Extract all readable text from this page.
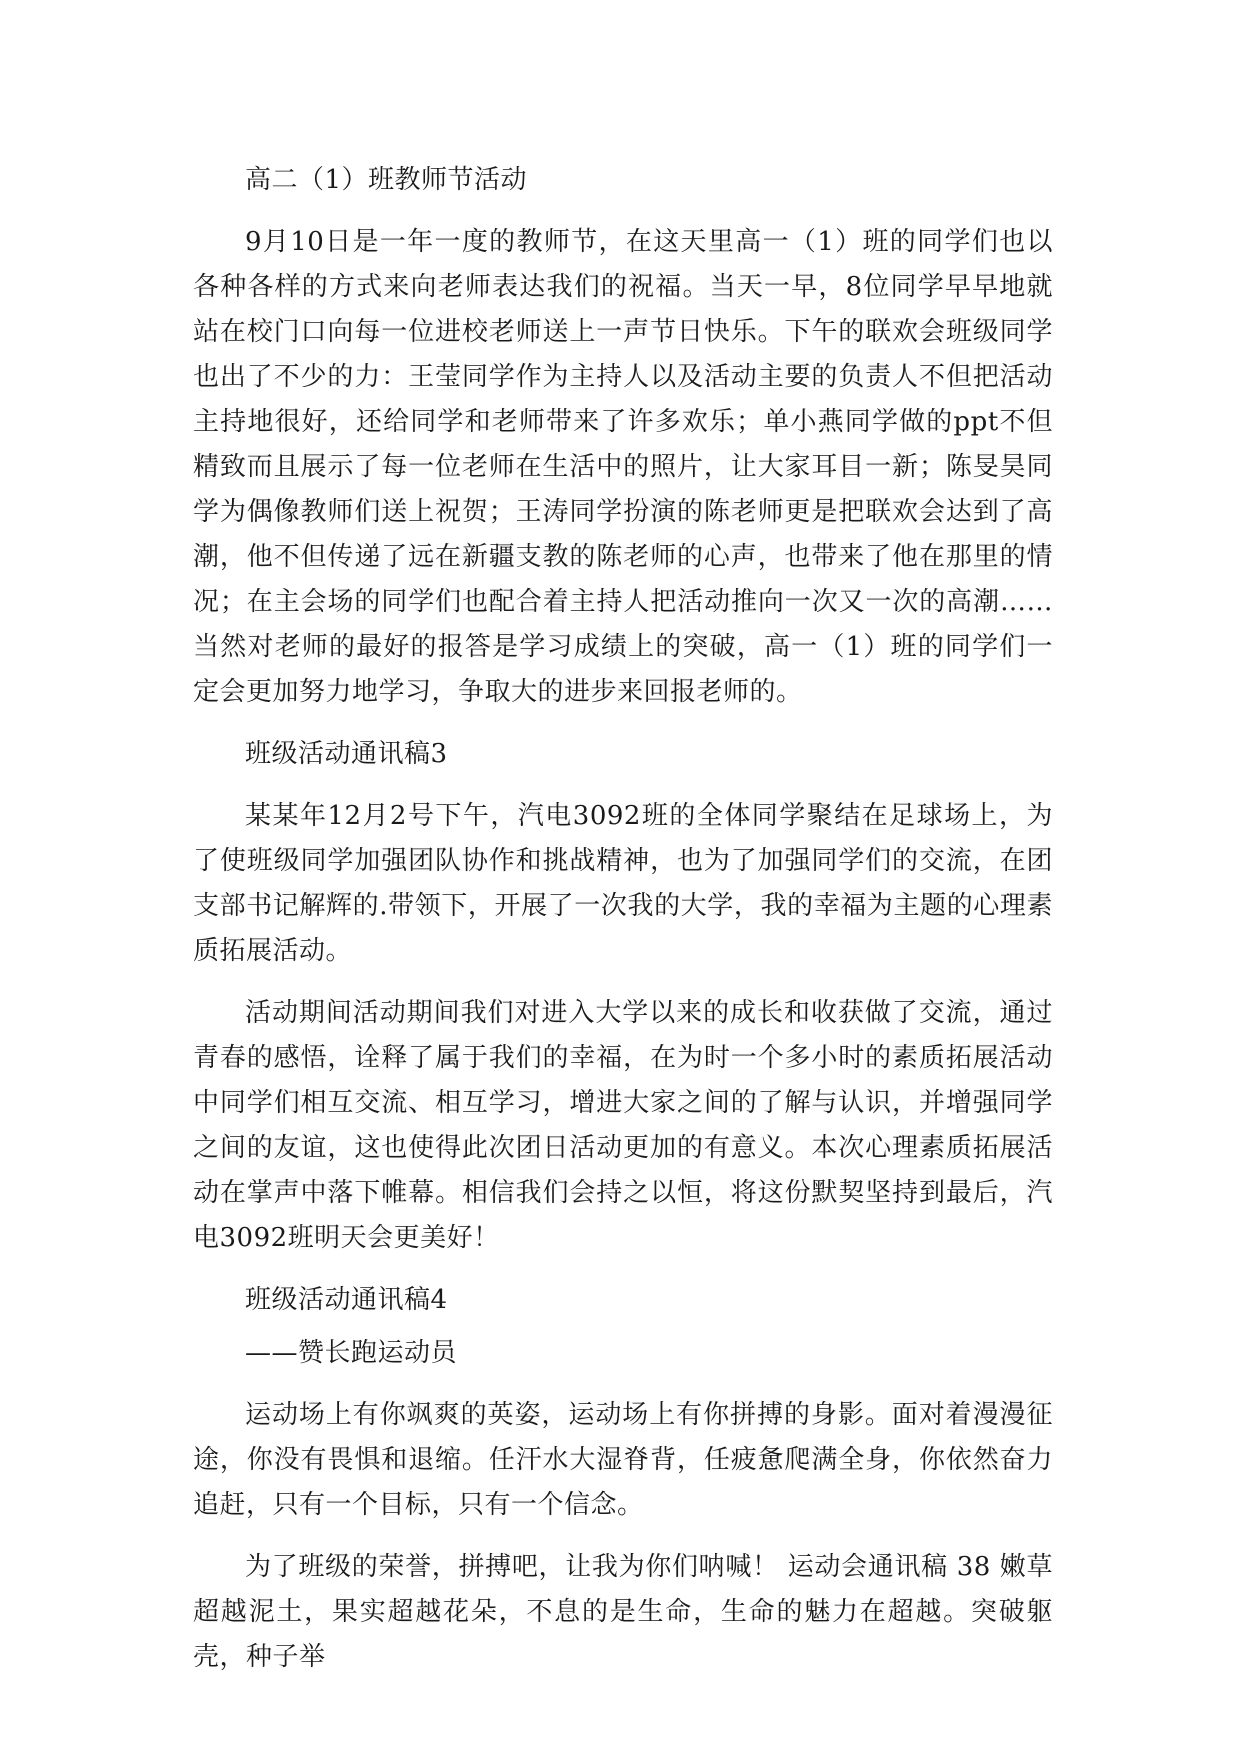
高二（1）班教师节活动

9月10日是一年一度的教师节，在这天里高一（1）班的同学们也以各种各样的方式来向老师表达我们的祝福。当天一早，8位同学早早地就站在校门口向每一位进校老师送上一声节日快乐。下午的联欢会班级同学也出了不少的力：王莹同学作为主持人以及活动主要的负责人不但把活动主持地很好，还给同学和老师带来了许多欢乐；单小燕同学做的ppt不但精致而且展示了每一位老师在生活中的照片，让大家耳目一新；陈旻昊同学为偶像教师们送上祝贺；王涛同学扮演的陈老师更是把联欢会达到了高潮，他不但传递了远在新疆支教的陈老师的心声，也带来了他在那里的情况；在主会场的同学们也配合着主持人把活动推向一次又一次的高潮……当然对老师的最好的报答是学习成绩上的突破，高一（1）班的同学们一定会更加努力地学习，争取大的进步来回报老师的。

班级活动通讯稿3

某某年12月2号下午，汽电3092班的全体同学聚结在足球场上，为了使班级同学加强团队协作和挑战精神，也为了加强同学们的交流，在团支部书记解辉的.带领下，开展了一次我的大学，我的幸福为主题的心理素质拓展活动。

活动期间活动期间我们对进入大学以来的成长和收获做了交流，通过青春的感悟，诠释了属于我们的幸福，在为时一个多小时的素质拓展活动中同学们相互交流、相互学习，增进大家之间的了解与认识，并增强同学之间的友谊，这也使得此次团日活动更加的有意义。本次心理素质拓展活动在掌声中落下帷幕。相信我们会持之以恒，将这份默契坚持到最后，汽电3092班明天会更美好！

班级活动通讯稿4

——赞长跑运动员

运动场上有你飒爽的英姿，运动场上有你拼搏的身影。面对着漫漫征途，你没有畏惧和退缩。任汗水大湿脊背，任疲惫爬满全身，你依然奋力追赶，只有一个目标，只有一个信念。

为了班级的荣誉，拼搏吧，让我为你们呐喊！ 运动会通讯稿 38 嫩草超越泥土，果实超越花朵，不息的是生命，生命的魅力在超越。突破躯壳，种子举
